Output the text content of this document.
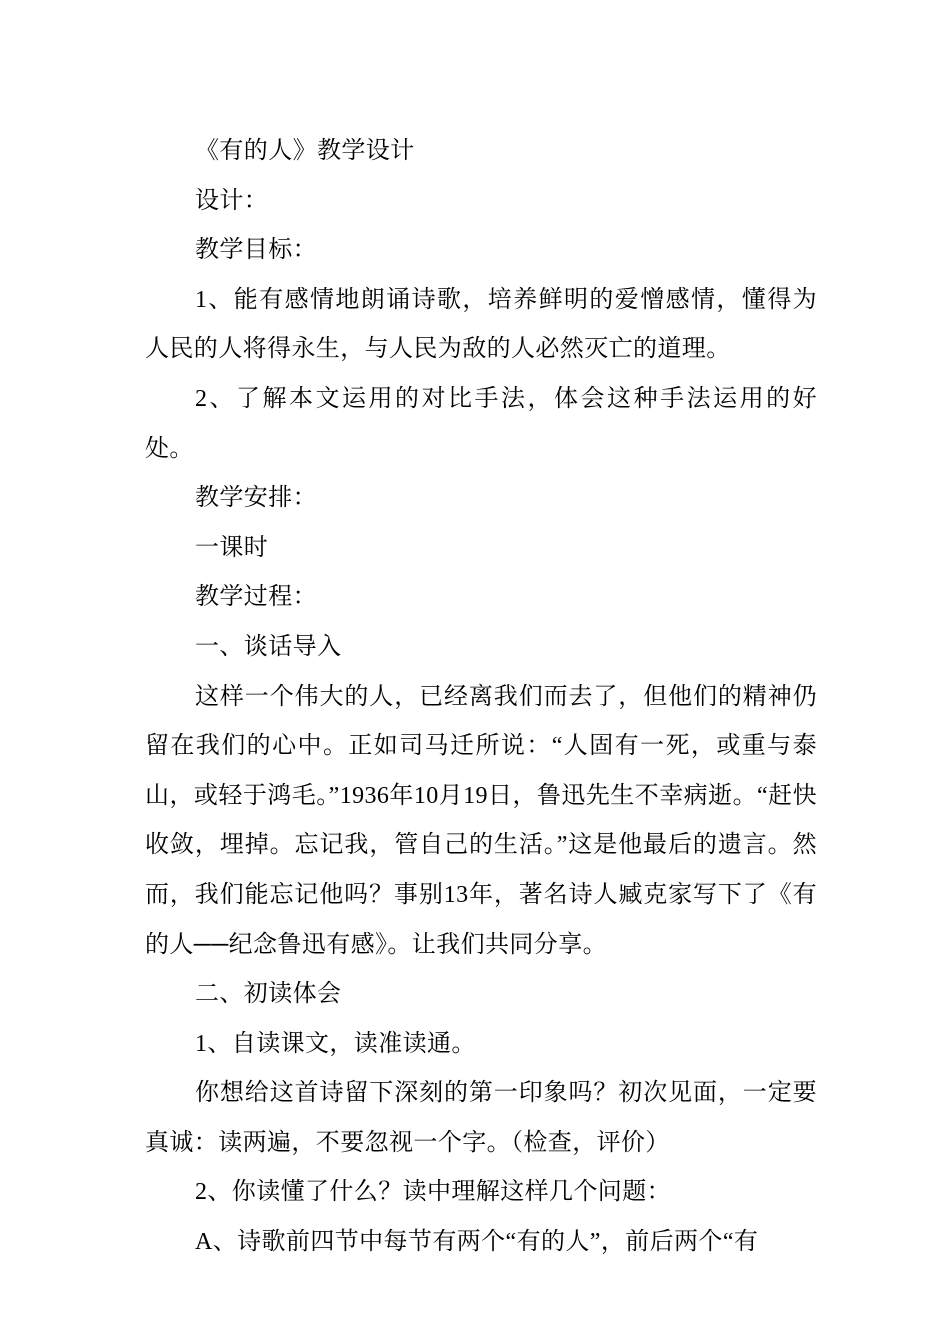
《有的人》教学设计

设计：

教学目标：

1、能有感情地朗诵诗歌，培养鲜明的爱憎感情，懂得为人民的人将得永生，与人民为敌的人必然灭亡的道理。

2、了解本文运用的对比手法，体会这种手法运用的好处。

教学安排：

一课时

教学过程：

一、谈话导入

这样一个伟大的人，已经离我们而去了，但他们的精神仍留在我们的心中。正如司马迁所说：“人固有一死，或重与泰山，或轻于鸿毛。”1936年10月19日，鲁迅先生不幸病逝。“赶快收敛，埋掉。忘记我，管自己的生活。”这是他最后的遗言。然而，我们能忘记他吗？事别13年，著名诗人臧克家写下了《有的人──纪念鲁迅有感》。让我们共同分享。

二、初读体会

1、自读课文，读准读通。

你想给这首诗留下深刻的第一印象吗？初次见面，一定要真诚：读两遍，不要忽视一个字。（检查，评价）

2、你读懂了什么？读中理解这样几个问题：

A、诗歌前四节中每节有两个“有的人”，前后两个“有
